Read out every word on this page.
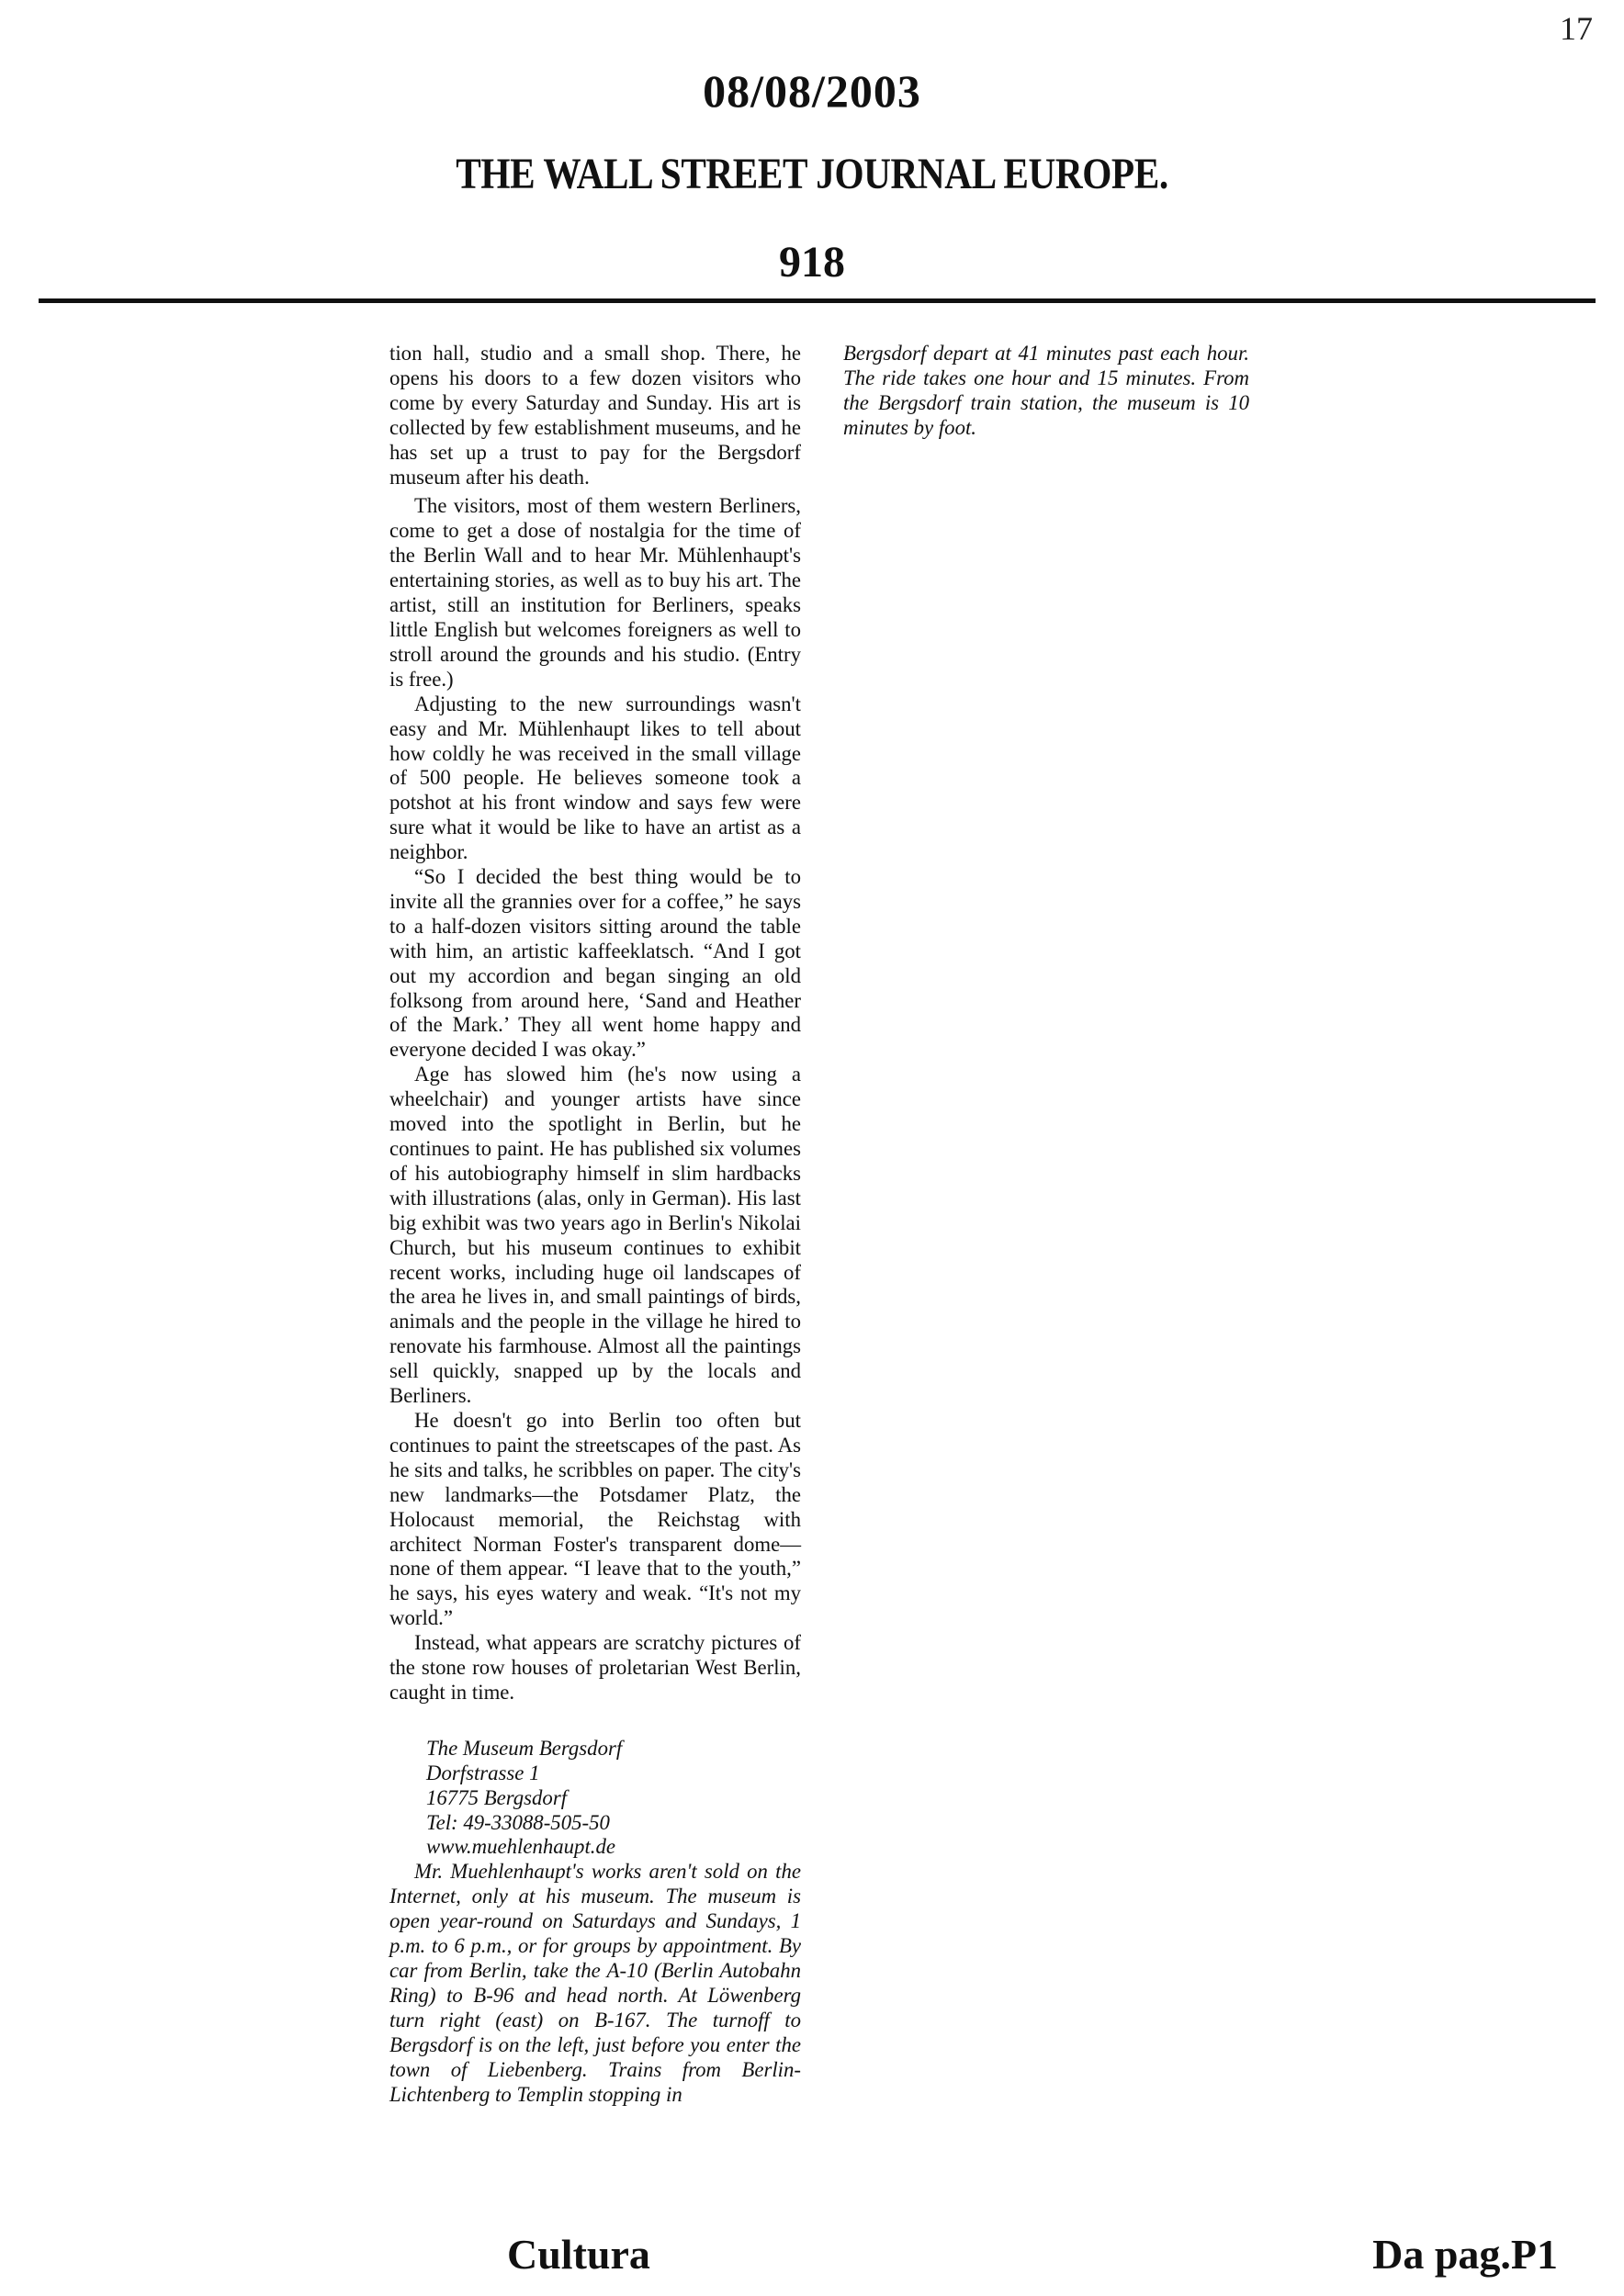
17
08/08/2003
THE WALL STREET JOURNAL EUROPE.
918

tion hall, studio and a small shop. There, he opens his doors to a few dozen visitors who come by every Saturday and Sunday. His art is collected by few establishment museums, and he has set up a trust to pay for the Bergsdorf museum after his death.

The visitors, most of them western Berliners, come to get a dose of nostalgia for the time of the Berlin Wall and to hear Mr. Mühlenhaupt's entertaining stories, as well as to buy his art. The artist, still an institution for Berliners, speaks little English but welcomes foreigners as well to stroll around the grounds and his studio. (Entry is free.)

Adjusting to the new surroundings wasn't easy and Mr. Mühlenhaupt likes to tell about how coldly he was received in the small village of 500 people. He believes someone took a potshot at his front window and says few were sure what it would be like to have an artist as a neighbor.

“So I decided the best thing would be to invite all the grannies over for a coffee,” he says to a half-dozen visitors sitting around the table with him, an artistic kaffeeklatsch. “And I got out my accordion and began singing an old folksong from around here, ‘Sand and Heather of the Mark.’ They all went home happy and everyone decided I was okay.”

Age has slowed him (he's now using a wheelchair) and younger artists have since moved into the spotlight in Berlin, but he continues to paint. He has published six volumes of his autobiography himself in slim hardbacks with illustrations (alas, only in German). His last big exhibit was two years ago in Berlin's Nikolai Church, but his museum continues to exhibit recent works, including huge oil landscapes of the area he lives in, and small paintings of birds, animals and the people in the village he hired to renovate his farmhouse. Almost all the paintings sell quickly, snapped up by the locals and Berliners.

He doesn't go into Berlin too often but continues to paint the streetscapes of the past. As he sits and talks, he scribbles on paper. The city's new landmarks—the Potsdamer Platz, the Holocaust memorial, the Reichstag with architect Norman Foster's transparent dome—none of them appear. “I leave that to the youth,” he says, his eyes watery and weak. “It's not my world.”

Instead, what appears are scratchy pictures of the stone row houses of proletarian West Berlin, caught in time.

The Museum Bergsdorf
Dorfstrasse 1
16775 Bergsdorf
Tel: 49-33088-505-50
www.muehlenhaupt.de

Mr. Muehlenhaupt's works aren't sold on the Internet, only at his museum. The museum is open year-round on Saturdays and Sundays, 1 p.m. to 6 p.m., or for groups by appointment. By car from Berlin, take the A-10 (Berlin Autobahn Ring) to B-96 and head north. At Löwenberg turn right (east) on B-167. The turnoff to Bergsdorf is on the left, just before you enter the town of Liebenberg. Trains from Berlin-Lichtenberg to Templin stopping in

Bergsdorf depart at 41 minutes past each hour. The ride takes one hour and 15 minutes. From the Bergsdorf train station, the museum is 10 minutes by foot.
Cultura	Da pag.P1
